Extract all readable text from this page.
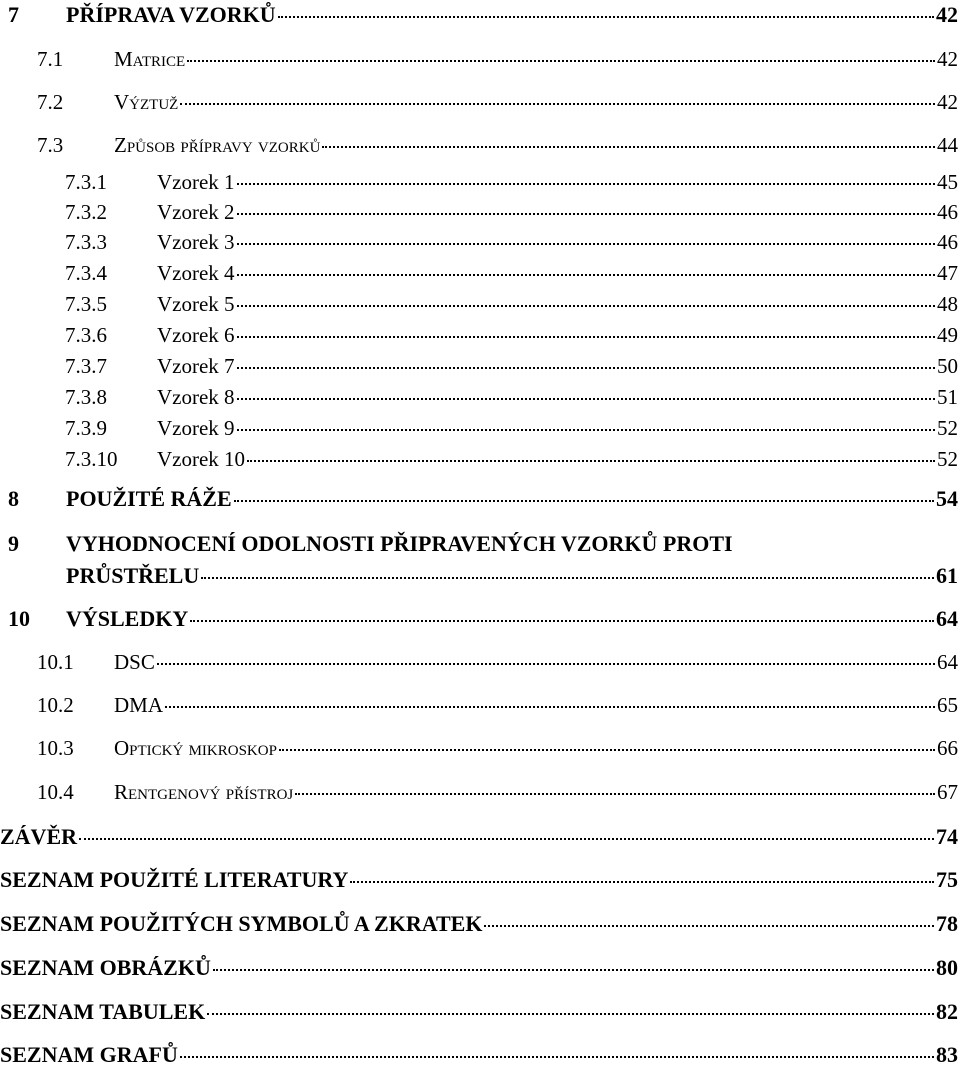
7	PŘÍPRAVA VZORKŮ	42
7.1	Matrice	42
7.2	Výztuž	42
7.3	Způsob přípravy vzorků	44
7.3.1	Vzorek 1	45
7.3.2	Vzorek 2	46
7.3.3	Vzorek 3	46
7.3.4	Vzorek 4	47
7.3.5	Vzorek 5	48
7.3.6	Vzorek 6	49
7.3.7	Vzorek 7	50
7.3.8	Vzorek 8	51
7.3.9	Vzorek 9	52
7.3.10	Vzorek 10	52
8	POUŽITÉ RÁŽE	54
9 VYHODNOCENÍ ODOLNOSTI PŘIPRAVENÝCH VZORKŮ PROTI
PRŮSTŘELU	61
10	VÝSLEDKY	64
10.1	DSC	64
10.2	DMA	65
10.3	Optický mikroskop	66
10.4	Rentgenový přístroj	67
ZÁVĚR	74
SEZNAM POUŽITÉ LITERATURY	75
SEZNAM POUŽITÝCH SYMBOLŮ A ZKRATEK	78
SEZNAM OBRÁZKŮ	80
SEZNAM TABULEK	82
SEZNAM GRAFŮ	83
